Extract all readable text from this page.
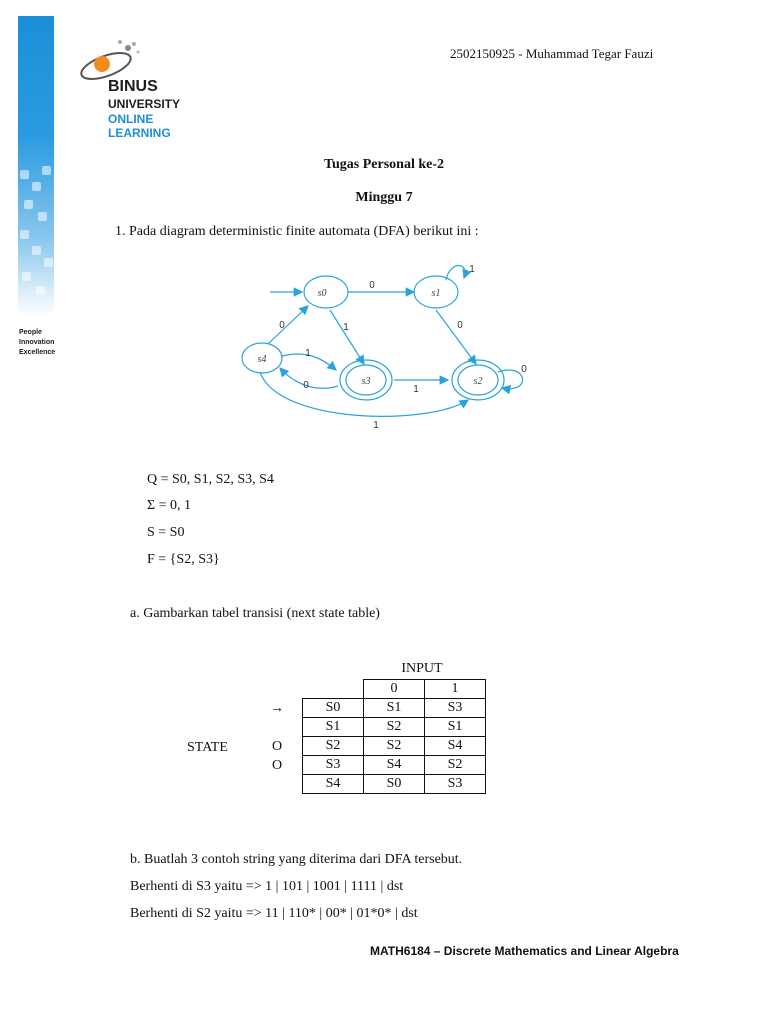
People
Innovation
Excellence
BINUS
UNIVERSITY
ONLINE
LEARNING
2502150925 - Muhammad Tegar Fauzi
Tugas Personal ke-2
Minggu 7
1. Pada diagram deterministic finite automata (DFA) berikut ini :
s0	s1
s2
s3
s4
0
1
0
1
0
1
0	1
0
1
Q = S0, S1, S2, S3, S4
Σ = 0, 1
S = S0
F = {S2, S3}
a. Gambarkan tabel transisi (next state table)
INPUT
STATE
→
O
O
	0	1
S0	S1	S3
S1	S2	S1
S2	S2	S4
S3	S4	S2
S4	S0	S3
b. Buatlah 3 contoh string yang diterima dari DFA tersebut.
Berhenti di S3 yaitu => 1 | 101 | 1001 | 1111 | dst
Berhenti di S2 yaitu => 11 | 110* | 00* | 01*0* | dst
MATH6184 – Discrete Mathematics and Linear Algebra
